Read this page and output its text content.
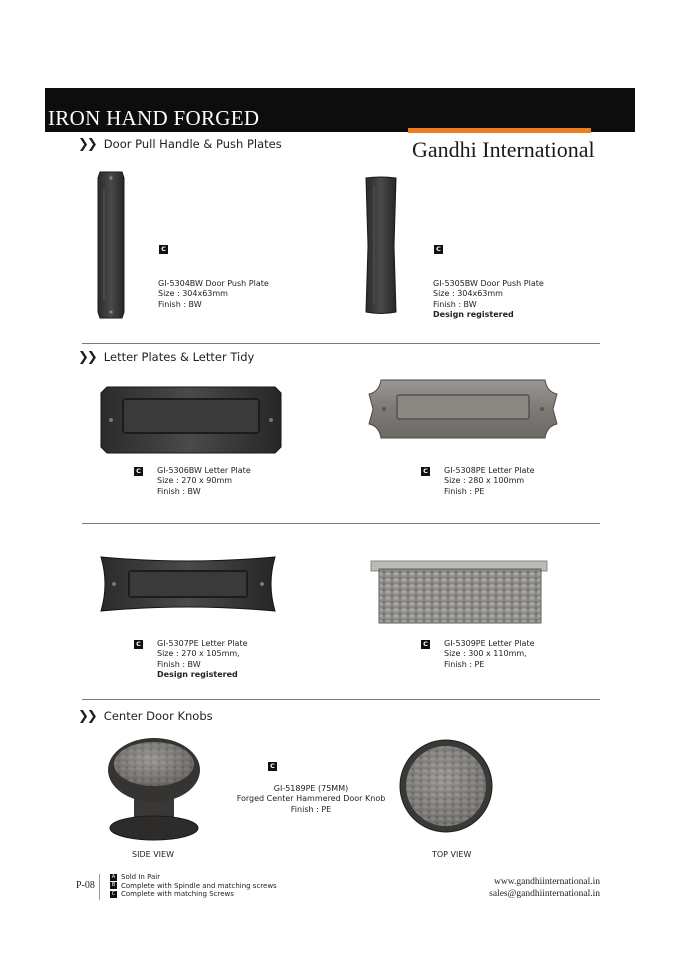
IRON HAND FORGED
Gandhi International
❯❯ Door Pull Handle & Push Plates
C
GI-5304BW Door Push Plate
Size : 304x63mm
Finish : BW
C
GI-5305BW Door Push Plate
Size : 304x63mm
Finish : BW
Design registered
❯❯ Letter Plates & Letter Tidy
C GI-5306BW Letter Plate
Size : 270 x 90mm
Finish : BW
C GI-5308PE Letter Plate
Size : 280 x 100mm
Finish : PE
C GI-5307PE Letter Plate
Size : 270 x 105mm,
Finish : BW
Design registered
C GI-5309PE Letter Plate
Size : 300 x 110mm,
Finish : PE
❯❯ Center Door Knobs
SIDE VIEW
C
GI-5189PE (75MM)
Forged Center Hammered Door Knob
Finish : PE
TOP VIEW
P-08
A Sold In Pair
B Complete with Spindle and matching screws
C Complete with matching Screws
www.gandhiinternational.in
sales@gandhiinternational.in
